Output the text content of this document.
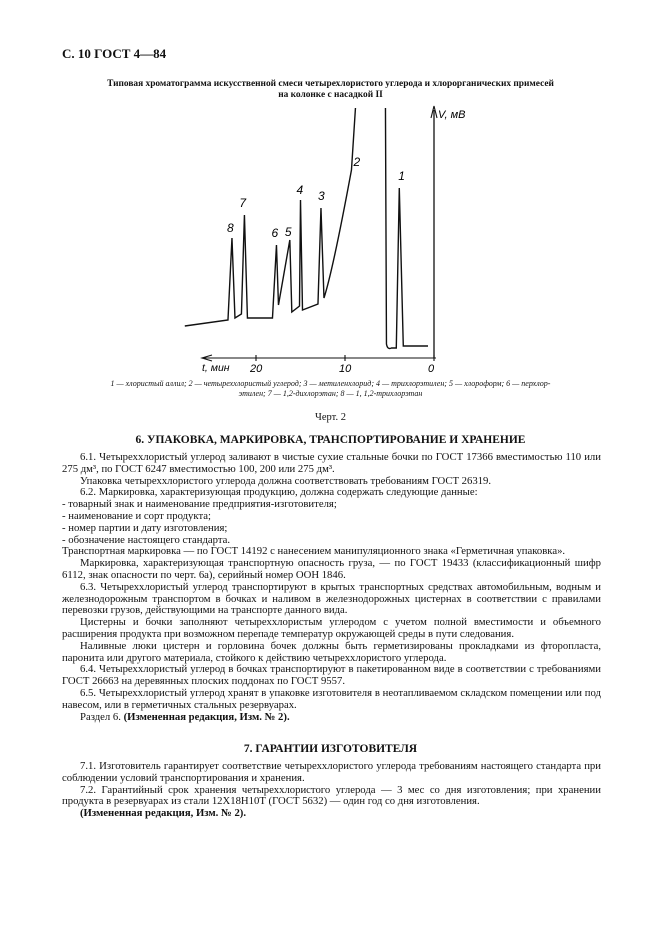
С. 10 ГОСТ 4—84
Типовая хроматограмма искусственной смеси четырехлористого углерода и хлорорганических примесей
на колонке с насадкой II
V, мВ
t, мин 20	10	0
1
2
3
4
5
6
7
8
1 — хлористый аллил; 2 — четыреххлористый углерод; 3 — метиленхлорид; 4 — трихлорэтилен; 5 — хлороформ; 6 — перхлор-
этилен; 7 — 1,2-дихлорэтан; 8 — 1, 1,2-трихлорэтан
Черт. 2
6. УПАКОВКА, МАРКИРОВКА, ТРАНСПОРТИРОВАНИЕ И ХРАНЕНИЕ

6.1. Четыреххлористый углерод заливают в чистые сухие стальные бочки по ГОСТ 17366 вместимостью 110 или 275 дм³, по ГОСТ 6247 вместимостью 100, 200 или 275 дм³.

Упаковка четыреххлористого углерода должна соответствовать требованиям ГОСТ 26319.

6.2. Маркировка, характеризующая продукцию, должна содержать следующие данные:

- товарный знак и наименование предприятия-изготовителя;

- наименование и сорт продукта;

- номер партии и дату изготовления;

- обозначение настоящего стандарта.

Транспортная маркировка — по ГОСТ 14192 с нанесением манипуляционного знака «Герметичная упаковка».

Маркировка, характеризующая транспортную опасность груза, — по ГОСТ 19433 (классификационный шифр 6112, знак опасности по черт. 6а), серийный номер ООН 1846.

6.3. Четыреххлористый углерод транспортируют в крытых транспортных средствах автомобильным, водным и железнодорожным транспортом в бочках и наливом в железнодорожных цистернах в соответствии с правилами перевозки грузов, действующими на транспорте данного вида.

Цистерны и бочки заполняют четыреххлористым углеродом с учетом полной вместимости и объемного расширения продукта при возможном перепаде температур окружающей среды в пути следования.

Наливные люки цистерн и горловина бочек должны быть герметизированы прокладками из фторопласта, паронита или другого материала, стойкого к действию четыреххлористого углерода.

6.4. Четыреххлористый углерод в бочках транспортируют в пакетированном виде в соответствии с требованиями ГОСТ 26663 на деревянных плоских поддонах по ГОСТ 9557.

6.5. Четыреххлористый углерод хранят в упаковке изготовителя в неотапливаемом складском помещении или под навесом, или в герметичных стальных резервуарах.

Раздел 6. (Измененная редакция, Изм. № 2).

7. ГАРАНТИИ ИЗГОТОВИТЕЛЯ

7.1. Изготовитель гарантирует соответствие четыреххлористого углерода требованиям настоящего стандарта при соблюдении условий транспортирования и хранения.

7.2. Гарантийный срок хранения четыреххлористого углерода — 3 мес со дня изготовления; при хранении продукта в резервуарах из стали 12Х18Н10Т (ГОСТ 5632) — один год со дня изготовления.

(Измененная редакция, Изм. № 2).
